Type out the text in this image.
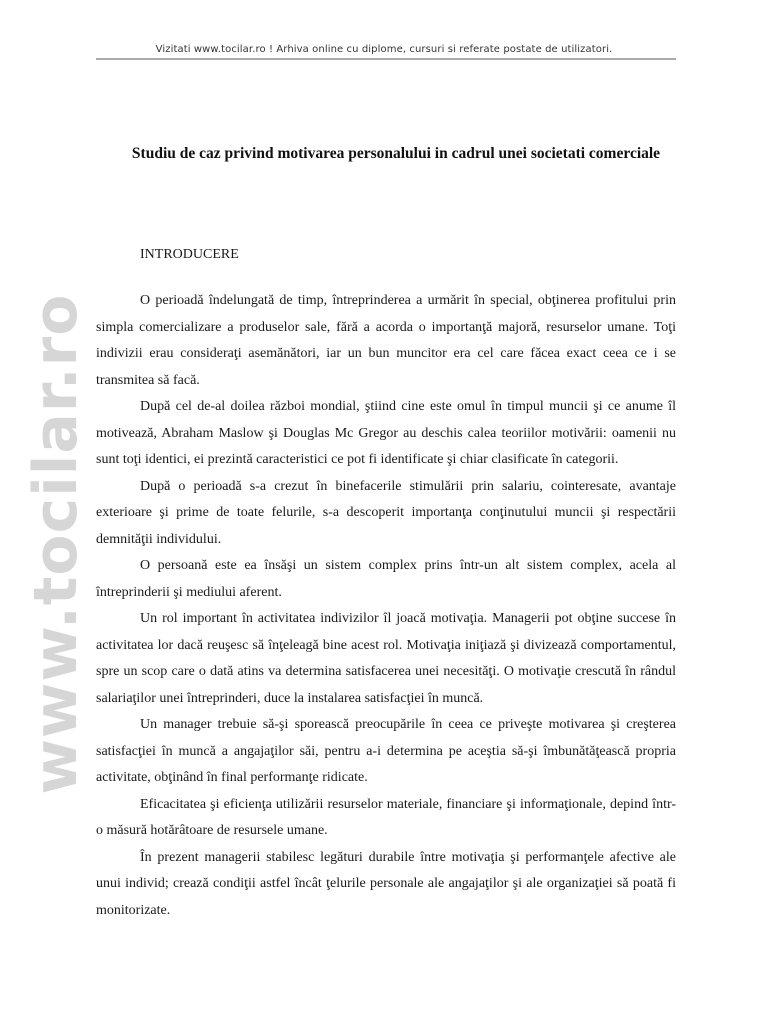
Vizitati www.tocilar.ro ! Arhiva online cu diplome, cursuri si referate postate de utilizatori.
www.tocilar.ro
Studiu de caz privind motivarea personalului in cadrul unei societati comerciale
INTRODUCERE

O perioadă îndelungată de timp, întreprinderea a urmărit în special, obţinerea profitului prin simpla comercializare a produselor sale, fără a acorda o importanţă majoră, resurselor umane. Toţi indivizii erau consideraţi asemănători, iar un bun muncitor era cel care făcea exact ceea ce i se transmitea să facă.

După cel de-al doilea război mondial, ştiind cine este omul în timpul muncii şi ce anume îl motivează, Abraham Maslow şi Douglas Mc Gregor au deschis calea teoriilor motivării: oamenii nu sunt toţi identici, ei prezintă caracteristici ce pot fi identificate şi chiar clasificate în categorii.

După o perioadă s-a crezut în binefacerile stimulării prin salariu, cointeresate, avantaje exterioare şi prime de toate felurile, s-a descoperit importanţa conţinutului muncii şi respectării demnităţii individului.

O persoană este ea însăşi un sistem complex prins într-un alt sistem complex, acela al întreprinderii şi mediului aferent.

Un rol important în activitatea indivizilor îl joacă motivaţia. Managerii pot obţine succese în activitatea lor dacă reuşesc să înţeleagă bine acest rol. Motivaţia iniţiază şi divizează comportamentul, spre un scop care o dată atins va determina satisfacerea unei necesităţi. O motivaţie crescută în rândul salariaţilor unei întreprinderi, duce la instalarea satisfacţiei în muncă.

Un manager trebuie să-şi sporească preocupările în ceea ce priveşte motivarea şi creşterea satisfacţiei în muncă a angajaţilor săi, pentru a-i determina pe aceştia să-şi îmbunătăţească propria activitate, obţinând în final performanţe ridicate.

Eficacitatea şi eficienţa utilizării resurselor materiale, financiare şi informaţionale, depind într-o măsură hotărâtoare de resursele umane.

În prezent managerii stabilesc legături durabile între motivaţia şi performanţele afective ale unui individ; crează condiţii astfel încât ţelurile personale ale angajaţilor şi ale organizaţiei să poată fi monitorizate.
